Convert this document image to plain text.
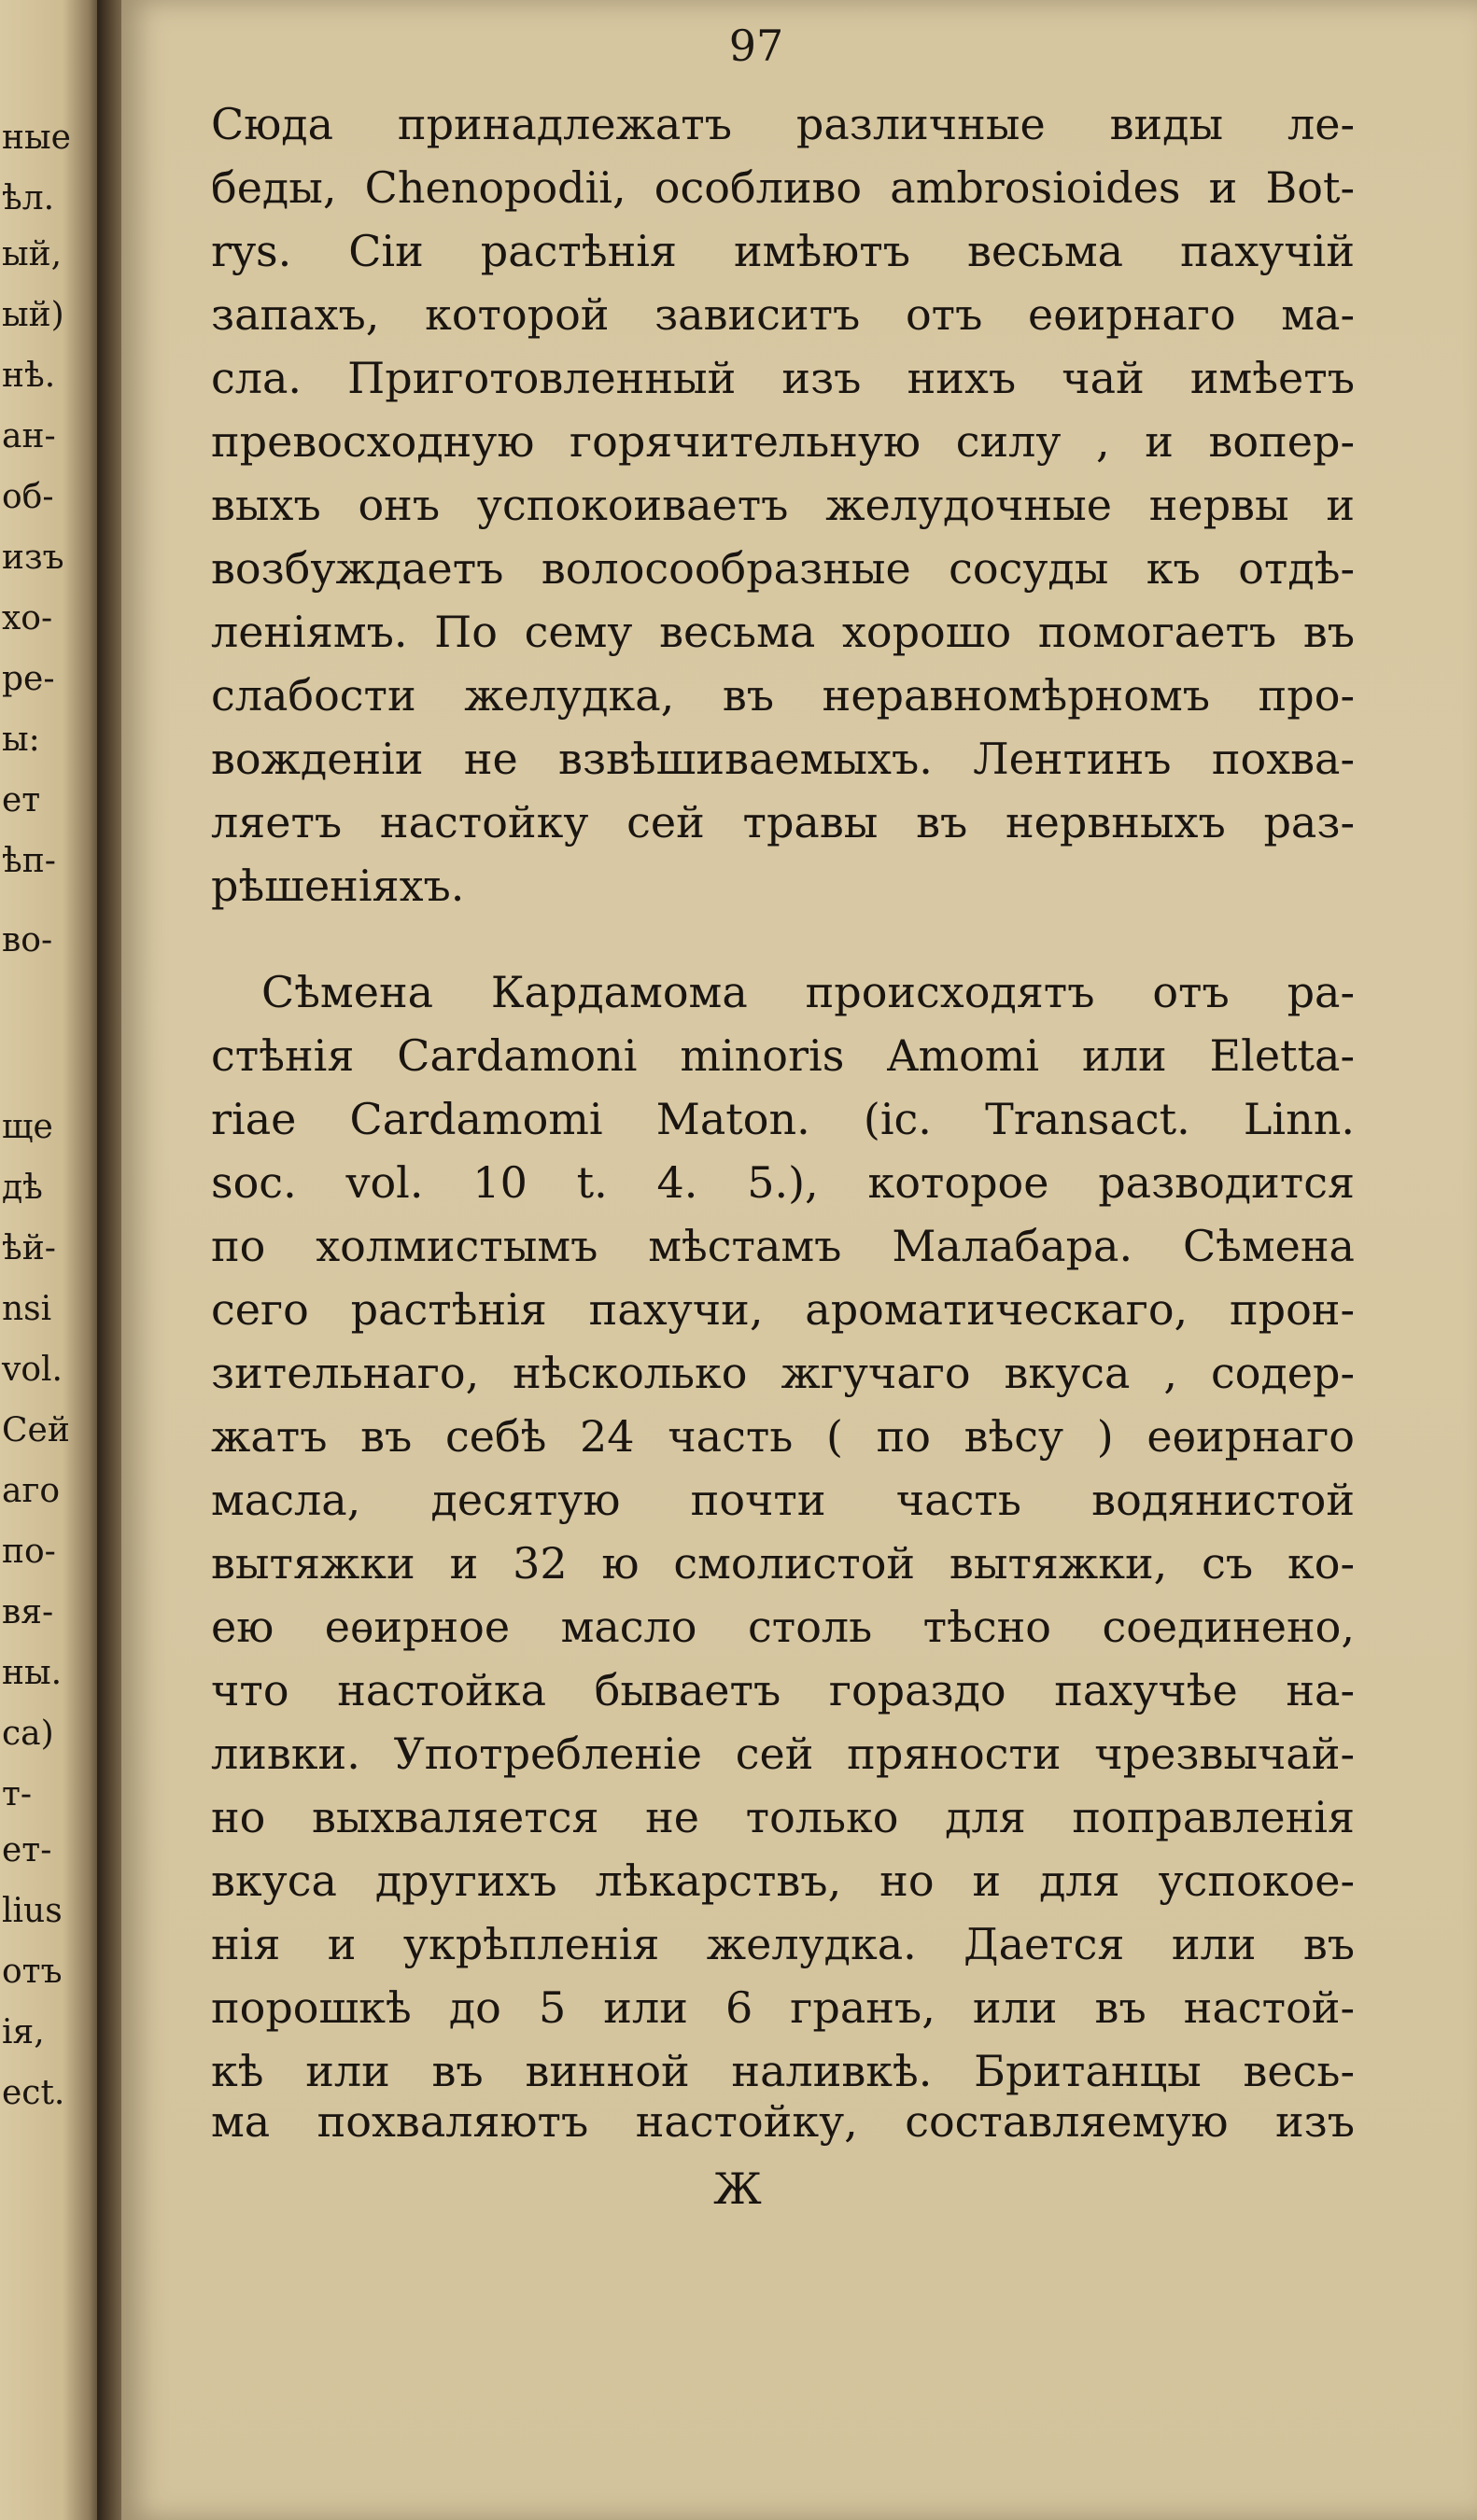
ные
ѣл.
ый,
ый)
нѣ.
ан-
об-
изъ
хо-
ре-
ы:
ет
ѣп-
во-
ще
дѣ
ѣй-
nsi
vol.
Сей
аго
по-
вя-
ны.
ca)
т-
ет-
lius
отъ
ія,
ect.
97
Сюда принадлежатъ различные виды ле-
беды, Chenopodii, особливо ambrosioides и Bot-
rys. Сіи растѣнія имѣютъ весьма пахучій
запахъ, которой зависитъ отъ еѳирнаго ма-
сла. Приготовленный изъ нихъ чай имѣетъ
превосходную горячительную силу , и вопер-
выхъ онъ успокоиваетъ желудочные нервы и
возбуждаетъ волосообразные сосуды къ отдѣ-
леніямъ. По сему весьма хорошо помогаетъ въ
слабости желудка, въ неравномѣрномъ про-
вожденіи не взвѣшиваемыхъ. Лентинъ похва-
ляетъ настойку сей травы въ нервныхъ раз-
рѣшеніяхъ.
Сѣмена Кардамома происходятъ отъ ра-
стѣнія Cardamoni minoris Amomi или Eletta-
riae Cardamomi Maton. (ic. Transact. Linn.
soc. vol. 10 t. 4. 5.), которое разводится
по холмистымъ мѣстамъ Малабара. Сѣмена
сего растѣнія пахучи, ароматическаго, прон-
зительнаго, нѣсколько жгучаго вкуса , содер-
жатъ въ себѣ 24 часть ( по вѣсу ) еѳирнаго
масла, десятую почти часть водянистой
вытяжки и 32 ю смолистой вытяжки, съ ко-
ею еѳирное масло столь тѣсно соединено,
что настойка бываетъ гораздо пахучѣе на-
ливки. Употребленіе сей пряности чрезвычай-
но выхваляется не только для поправленія
вкуса другихъ лѣкарствъ, но и для успокое-
нія и укрѣпленія желудка. Дается или въ
порошкѣ до 5 или 6 гранъ, или въ настой-
кѣ или въ винной наливкѣ. Британцы весь-
ма похваляютъ настойку, составляемую изъ
Ж
